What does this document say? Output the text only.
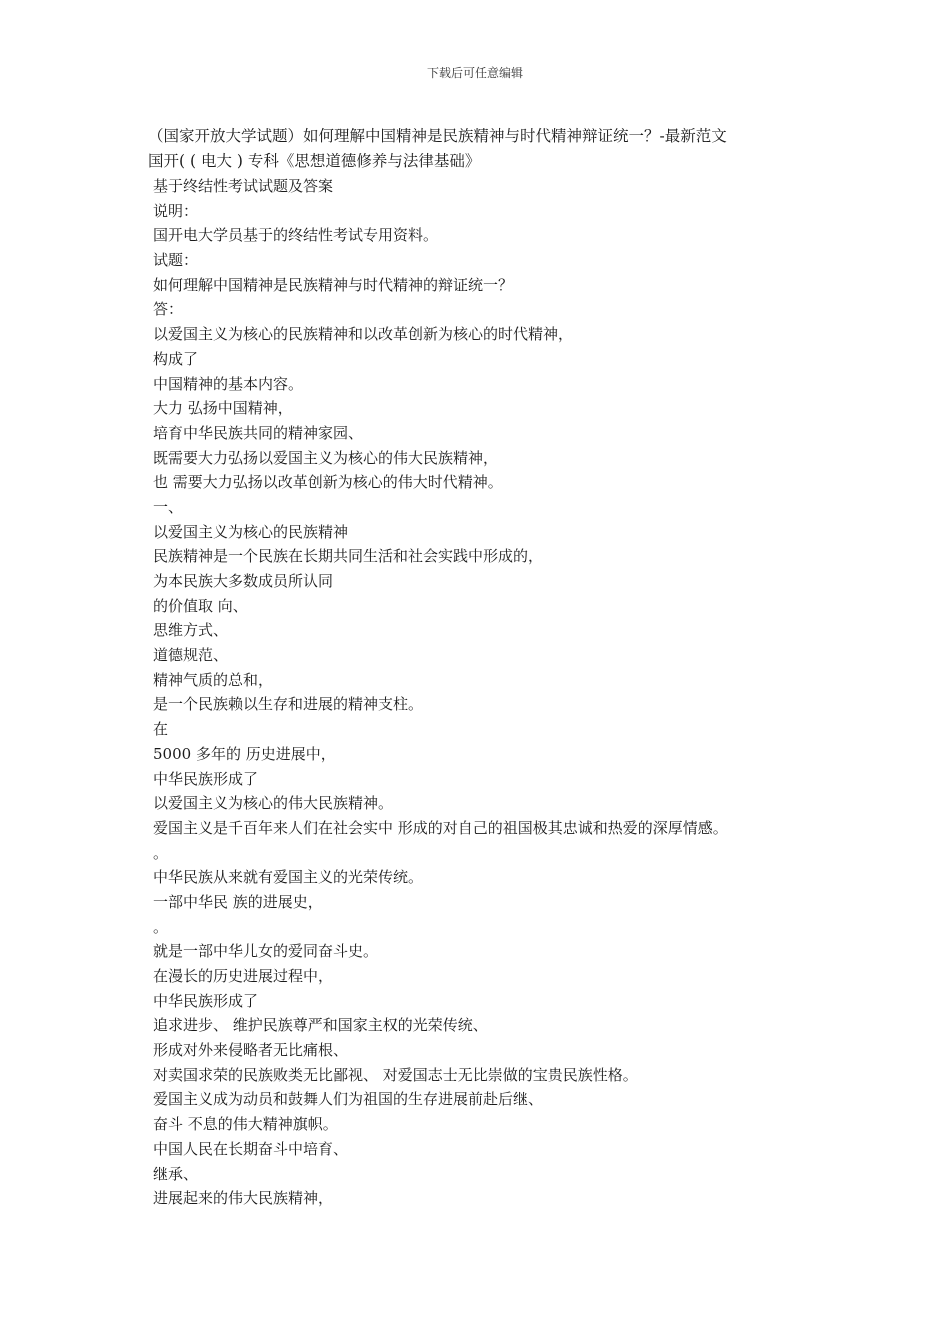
下载后可任意编辑
（国家开放大学试题）如何理解中国精神是民族精神与时代精神辩证统一？-最新范文
国开( ( 电大 ) 专科《思想道德修养与法律基础》
基于终结性考试试题及答案
说明：
国开电大学员基于的终结性考试专用资料。
试题：
如何理解中国精神是民族精神与时代精神的辩证统一？
答：
以爱国主义为核心的民族精神和以改革创新为核心的时代精神，
构成了
中国精神的基本内容。
大力 弘扬中国精神，
培育中华民族共同的精神家园、
既需要大力弘扬以爱国主义为核心的伟大民族精神，
也 需要大力弘扬以改革创新为核心的伟大时代精神。
一、
以爱国主义为核心的民族精神
民族精神是一个民族在长期共同生活和社会实践中形成的，
为本民族大多数成员所认同
的价值取 向、
思维方式、
道德规范、
精神气质的总和，
是一个民族赖以生存和进展的精神支柱。
在
5000 多年的 历史进展中，
中华民族形成了
以爱国主义为核心的伟大民族精神。
爱国主义是千百年来人们在社会实中 形成的对自己的祖国极其忠诚和热爱的深厚情感。
。
中华民族从来就有爱国主义的光荣传统。
一部中华民 族的进展史，
。
就是一部中华儿女的爱同奋斗史。
在漫长的历史进展过程中，
中华民族形成了
追求进步、 维护民族尊严和国家主权的光荣传统、
形成对外来侵略者无比痛根、
对卖国求荣的民族败类无比鄙视、 对爱国志士无比崇做的宝贵民族性格。
爱国主义成为动员和鼓舞人们为祖国的生存进展前赴后继、
奋斗 不息的伟大精神旗帜。
中国人民在长期奋斗中培育、
继承、
进展起来的伟大民族精神，
